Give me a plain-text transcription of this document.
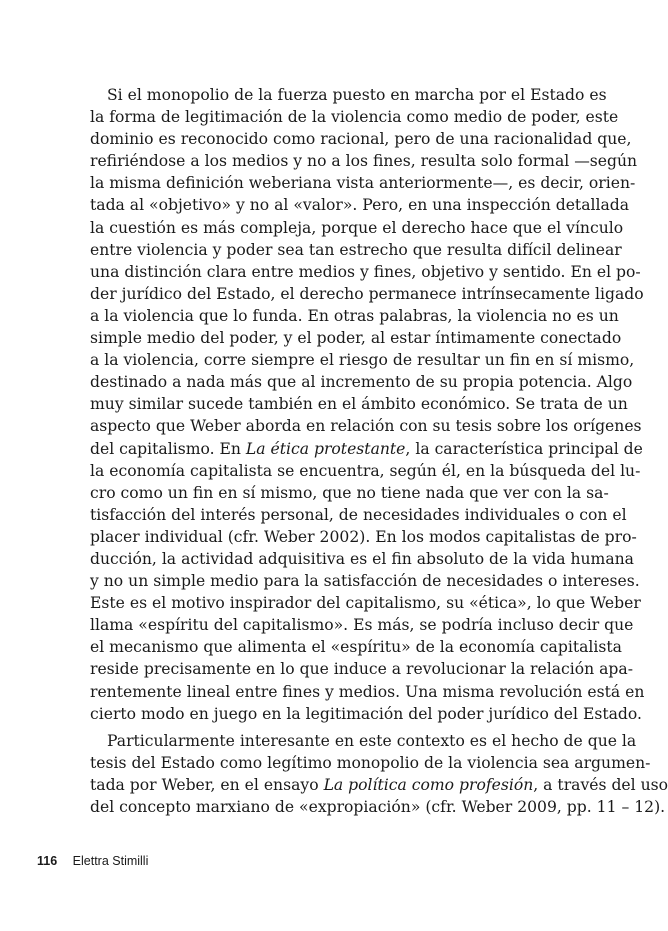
Si el monopolio de la fuerza puesto en marcha por el Estado es
la forma de legitimación de la violencia como medio de poder, este
dominio es reconocido como racional, pero de una racionalidad que,
refiriéndose a los medios y no a los fines, resulta solo formal —según
la misma definición weberiana vista anteriormente—, es decir, orien-
tada al «objetivo» y no al «valor». Pero, en una inspección detallada
la cuestión es más compleja, porque el derecho hace que el vínculo
entre violencia y poder sea tan estrecho que resulta difícil delinear
una distinción clara entre medios y fines, objetivo y sentido. En el po-
der jurídico del Estado, el derecho permanece intrínsecamente ligado
a la violencia que lo funda. En otras palabras, la violencia no es un
simple medio del poder, y el poder, al estar íntimamente conectado
a la violencia, corre siempre el riesgo de resultar un fin en sí mismo,
destinado a nada más que al incremento de su propia potencia. Algo
muy similar sucede también en el ámbito económico. Se trata de un
aspecto que Weber aborda en relación con su tesis sobre los orígenes
del capitalismo. En La ética protestante, la característica principal de
la economía capitalista se encuentra, según él, en la búsqueda del lu-
cro como un fin en sí mismo, que no tiene nada que ver con la sa-
tisfacción del interés personal, de necesidades individuales o con el
placer individual (cfr. Weber 2002). En los modos capitalistas de pro-
ducción, la actividad adquisitiva es el fin absoluto de la vida humana
y no un simple medio para la satisfacción de necesidades o intereses.
Este es el motivo inspirador del capitalismo, su «ética», lo que Weber
llama «espíritu del capitalismo». Es más, se podría incluso decir que
el mecanismo que alimenta el «espíritu» de la economía capitalista
reside precisamente en lo que induce a revolucionar la relación apa-
rentemente lineal entre fines y medios. Una misma revolución está en
cierto modo en juego en la legitimación del poder jurídico del Estado.
Particularmente interesante en este contexto es el hecho de que la
tesis del Estado como legítimo monopolio de la violencia sea argumen-
tada por Weber, en el ensayo La política como profesión, a través del uso
del concepto marxiano de «expropiación» (cfr. Weber 2009, pp. 11 – 12).
116 Elettra Stimilli
